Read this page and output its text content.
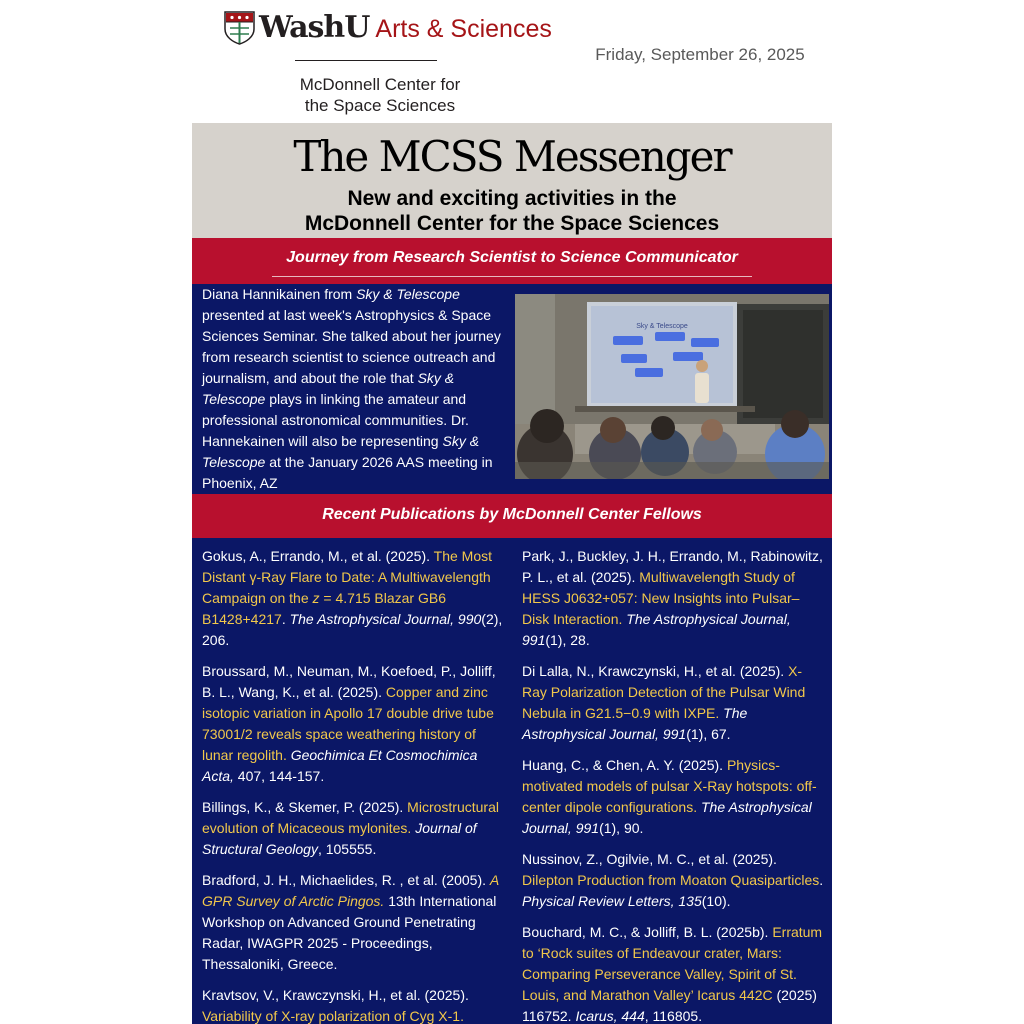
WashU Arts & Sciences
McDonnell Center for
the Space Sciences
Friday, September 26, 2025
The MCSS Messenger
New and exciting activities in the
McDonnell Center for the Space Sciences
Journey from Research Scientist to Science Communicator
Diana Hannikainen from Sky & Telescope presented at last week's Astrophysics & Space Sciences Seminar. She talked about her journey from research scientist to science outreach and journalism, and about the role that Sky & Telescope plays in linking the amateur and professional astronomical communities. Dr. Hannekainen will also be representing Sky & Telescope at the January 2026 AAS meeting in Phoenix, AZ
Sky & Telescope
Recent Publications by McDonnell Center Fellows
Gokus, A., Errando, M., et al. (2025). The Most Distant γ-Ray Flare to Date: A Multiwavelength Campaign on the z = 4.715 Blazar GB6 B1428+4217. The Astrophysical Journal, 990(2), 206.
Broussard, M., Neuman, M., Koefoed, P., Jolliff, B. L., Wang, K., et al. (2025). Copper and zinc isotopic variation in Apollo 17 double drive tube 73001/2 reveals space weathering history of lunar regolith. Geochimica Et Cosmochimica Acta, 407, 144-157.
Billings, K., & Skemer, P. (2025). Microstructural evolution of Micaceous mylonites. Journal of Structural Geology, 105555.
Bradford, J. H., Michaelides, R. , et al. (2005). A GPR Survey of Arctic Pingos. 13th International Workshop on Advanced Ground Penetrating Radar, IWAGPR 2025 - Proceedings, Thessaloniki, Greece.
Kravtsov, V., Krawczynski, H., et al. (2025). Variability of X-ray polarization of Cyg X-1.
Park, J., Buckley, J. H., Errando, M., Rabinowitz, P. L., et al. (2025). Multiwavelength Study of HESS J0632+057: New Insights into Pulsar–Disk Interaction. The Astrophysical Journal, 991(1), 28.
Di Lalla, N., Krawczynski, H., et al. (2025). X-Ray Polarization Detection of the Pulsar Wind Nebula in G21.5−0.9 with IXPE. The Astrophysical Journal, 991(1), 67.
Huang, C., & Chen, A. Y. (2025). Physics-motivated models of pulsar X-Ray hotspots: off-center dipole configurations. The Astrophysical Journal, 991(1), 90.
Nussinov, Z., Ogilvie, M. C., et al. (2025). Dilepton Production from Moaton Quasiparticles. Physical Review Letters, 135(10).
Bouchard, M. C., & Jolliff, B. L. (2025b). Erratum to ‘Rock suites of Endeavour crater, Mars: Comparing Perseverance Valley, Spirit of St. Louis, and Marathon Valley’ Icarus 442C (2025) 116752. Icarus, 444, 116805.
